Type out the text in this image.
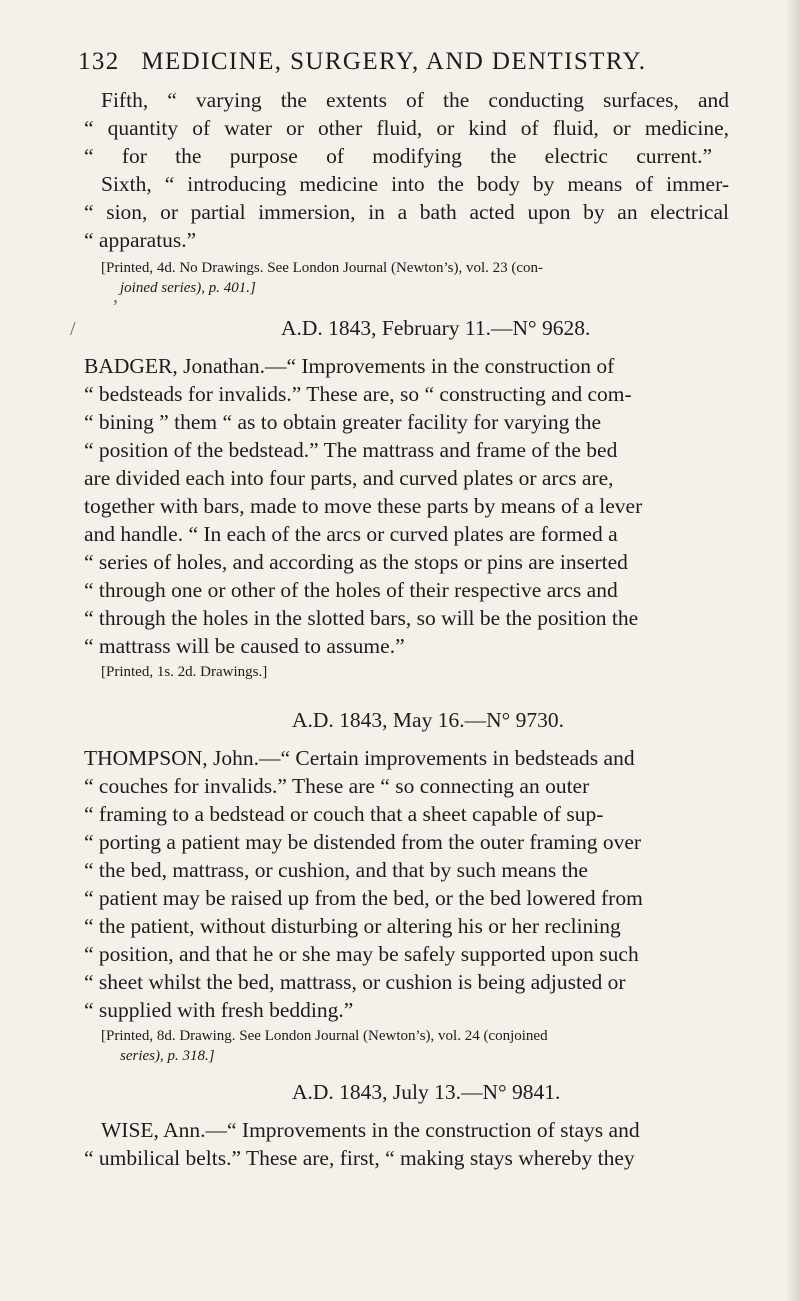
132 MEDICINE, SURGERY, AND DENTISTRY.
Fifth, “ varying the extents of the conducting surfaces, and
“ quantity of water or other fluid, or kind of fluid, or medicine,
“ for the purpose of modifying the electric current.”
Sixth, “ introducing medicine into the body by means of immer-
“ sion, or partial immersion, in a bath acted upon by an electrical
“ apparatus.”
[Printed, 4d. No Drawings. See London Journal (Newton’s), vol. 23 (con-
joined series), p. 401.]
/
,
A.D. 1843, February 11.—N° 9628.
BADGER, Jonathan.—“ Improvements in the construction of
“ bedsteads for invalids.” These are, so “ constructing and com-
“ bining ” them “ as to obtain greater facility for varying the
“ position of the bedstead.” The mattrass and frame of the bed
are divided each into four parts, and curved plates or arcs are,
together with bars, made to move these parts by means of a lever
and handle. “ In each of the arcs or curved plates are formed a
“ series of holes, and according as the stops or pins are inserted
“ through one or other of the holes of their respective arcs and
“ through the holes in the slotted bars, so will be the position the
“ mattrass will be caused to assume.”
[Printed, 1s. 2d. Drawings.]
A.D. 1843, May 16.—N° 9730.
THOMPSON, John.—“ Certain improvements in bedsteads and
“ couches for invalids.” These are “ so connecting an outer
“ framing to a bedstead or couch that a sheet capable of sup-
“ porting a patient may be distended from the outer framing over
“ the bed, mattrass, or cushion, and that by such means the
“ patient may be raised up from the bed, or the bed lowered from
“ the patient, without disturbing or altering his or her reclining
“ position, and that he or she may be safely supported upon such
“ sheet whilst the bed, mattrass, or cushion is being adjusted or
“ supplied with fresh bedding.”
[Printed, 8d. Drawing. See London Journal (Newton’s), vol. 24 (conjoined
series), p. 318.]
A.D. 1843, July 13.—N° 9841.
WISE, Ann.—“ Improvements in the construction of stays and
“ umbilical belts.” These are, first, “ making stays whereby they
